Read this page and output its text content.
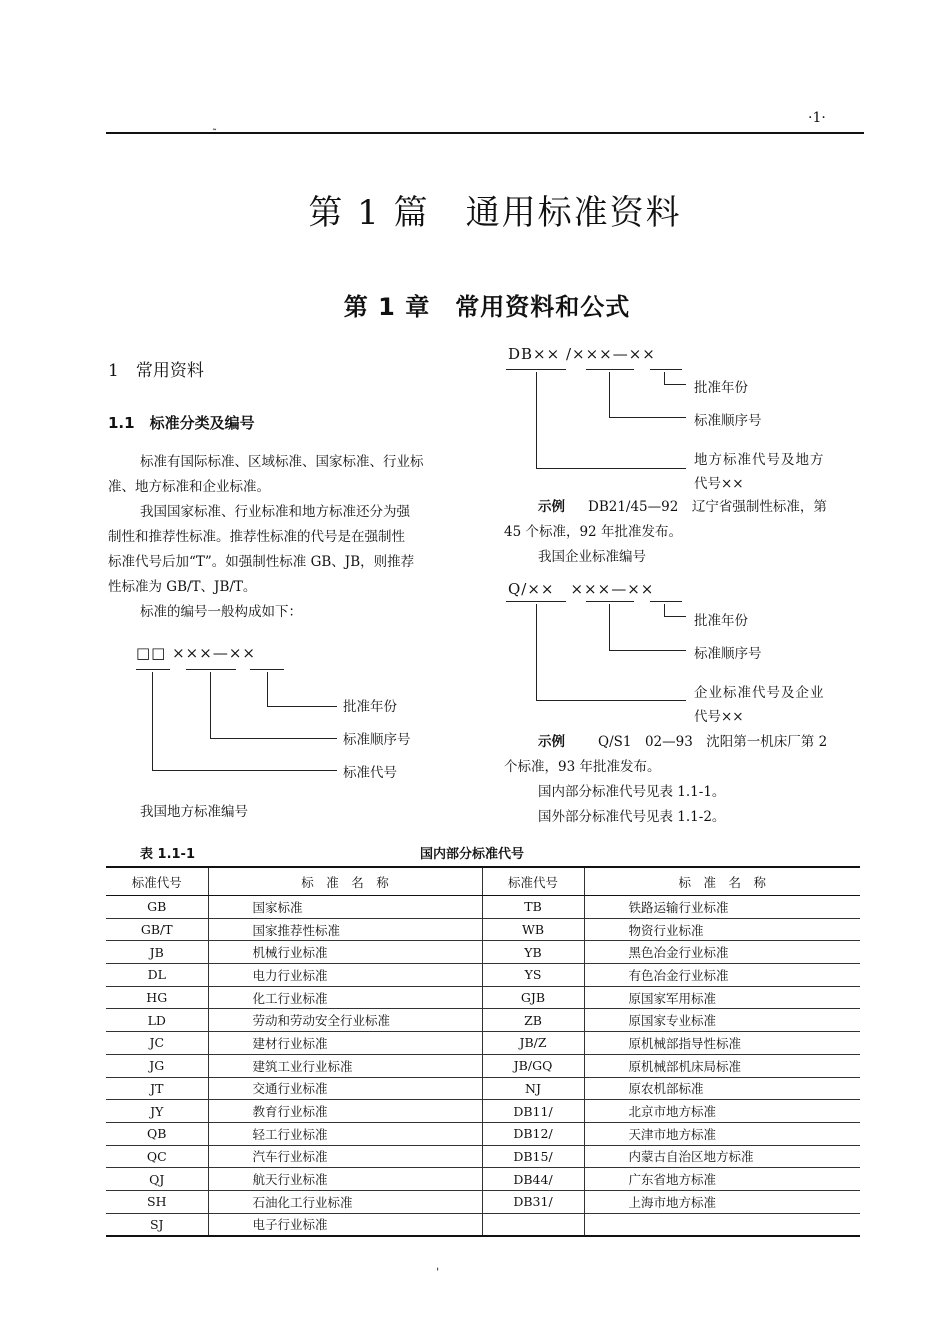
·1·
第 1 篇　通用标准资料
第 1 章　常用资料和公式
1　常用资料
1.1　标准分类及编号
标准有国际标准、区域标准、国家标准、行业标
准、地方标准和企业标准。
我国国家标准、行业标准和地方标准还分为强
制性和推荐性标准。推荐性标准的代号是在强制性
标准代号后加“T”。如强制性标准 GB、JB，则推荐
性标准为 GB/T、JB/T。
标准的编号一般构成如下：
□□ ×××—××
批准年份
标准顺序号
标准代号
我国地方标准编号
DB×× /×××—××
批准年份
标准顺序号
地方标准代号及地方
代号××
示例 DB21/45—92　辽宁省强制性标准，第
45 个标准，92 年批准发布。
我国企业标准编号
Q/××　×××—××
批准年份
标准顺序号
企业标准代号及企业
代号××
示例 Q/S1　02—93　沈阳第一机床厂第 2
个标准，93 年批准发布。
国内部分标准代号见表 1.1-1。
国外部分标准代号见表 1.1-2。
表 1.1-1	国内部分标准代号
标准代号	标　准　名　称	标准代号	标　准　名　称
GB	国家标准	TB	铁路运输行业标准
GB/T	国家推荐性标准	WB	物资行业标准
JB	机械行业标准	YB	黑色冶金行业标准
DL	电力行业标准	YS	有色冶金行业标准
HG	化工行业标准	GJB	原国家军用标准
LD	劳动和劳动安全行业标准	ZB	原国家专业标准
JC	建材行业标准	JB/Z	原机械部指导性标准
JG	建筑工业行业标准	JB/GQ	原机械部机床局标准
JT	交通行业标准	NJ	原农机部标准
JY	教育行业标准	DB11/	北京市地方标准
QB	轻工行业标准	DB12/	天津市地方标准
QC	汽车行业标准	DB15/	内蒙古自治区地方标准
QJ	航天行业标准	DB44/	广东省地方标准
SH	石油化工行业标准	DB31/	上海市地方标准
SJ	电子行业标准		
˷
ˌ
